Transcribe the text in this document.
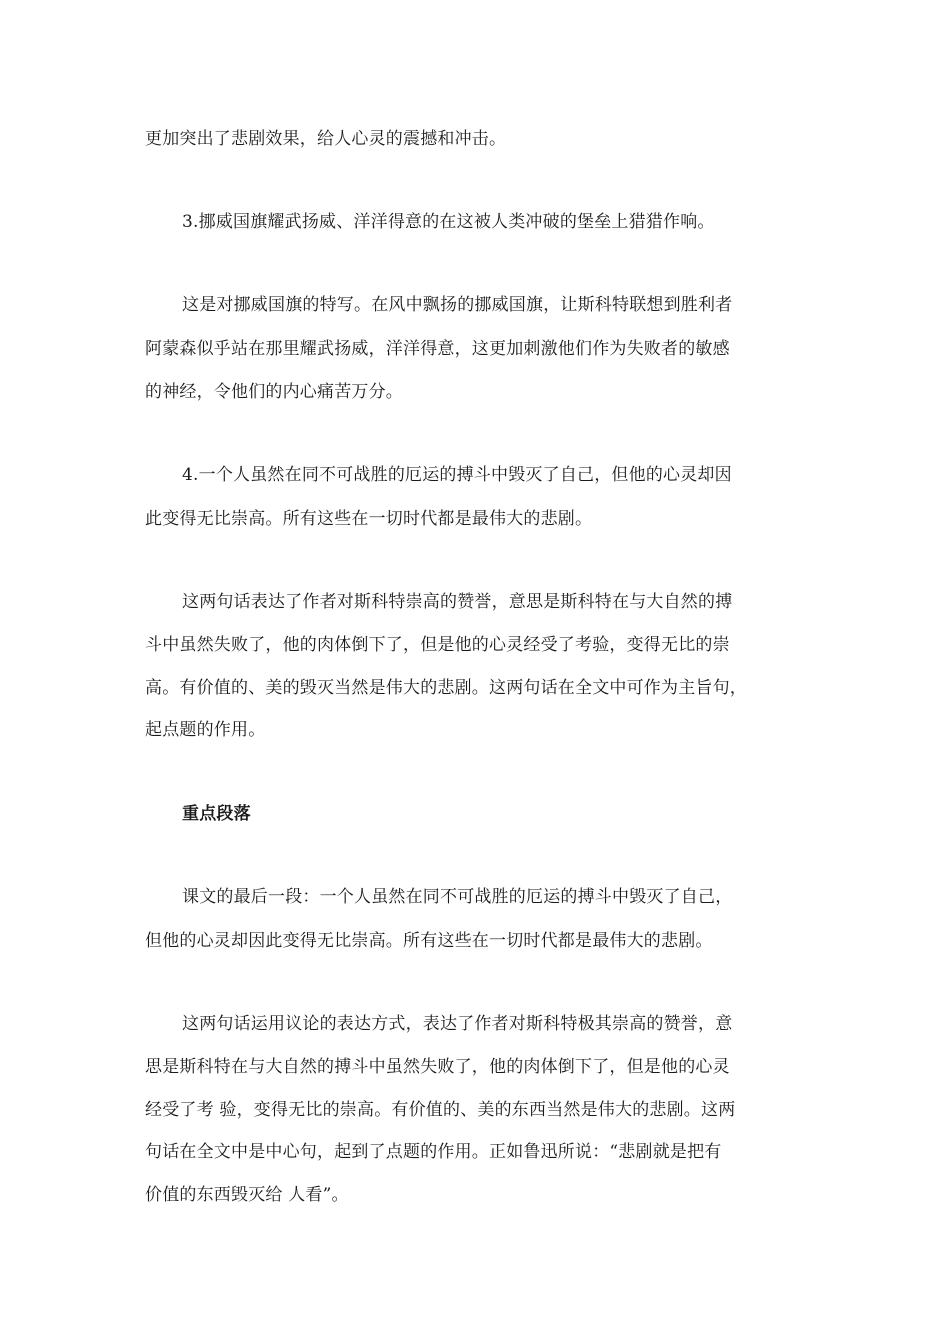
更加突出了悲剧效果，给人心灵的震撼和冲击。
3.挪威国旗耀武扬威、洋洋得意的在这被人类冲破的堡垒上猎猎作响。
这是对挪威国旗的特写。在风中飘扬的挪威国旗，让斯科特联想到胜利者
阿蒙森似乎站在那里耀武扬威，洋洋得意，这更加刺激他们作为失败者的敏感
的神经，令他们的内心痛苦万分。
4.一个人虽然在同不可战胜的厄运的搏斗中毁灭了自己，但他的心灵却因
此变得无比崇高。所有这些在一切时代都是最伟大的悲剧。
这两句话表达了作者对斯科特崇高的赞誉，意思是斯科特在与大自然的搏
斗中虽然失败了，他的肉体倒下了，但是他的心灵经受了考验，变得无比的崇
高。有价值的、美的毁灭当然是伟大的悲剧。这两句话在全文中可作为主旨句，
起点题的作用。
重点段落
课文的最后一段：一个人虽然在同不可战胜的厄运的搏斗中毁灭了自己，
但他的心灵却因此变得无比崇高。所有这些在一切时代都是最伟大的悲剧。
这两句话运用议论的表达方式，表达了作者对斯科特极其崇高的赞誉，意
思是斯科特在与大自然的搏斗中虽然失败了，他的肉体倒下了，但是他的心灵
经受了考 验，变得无比的崇高。有价值的、美的东西当然是伟大的悲剧。这两
句话在全文中是中心句，起到了点题的作用。正如鲁迅所说：“悲剧就是把有
价值的东西毁灭给 人看”。
